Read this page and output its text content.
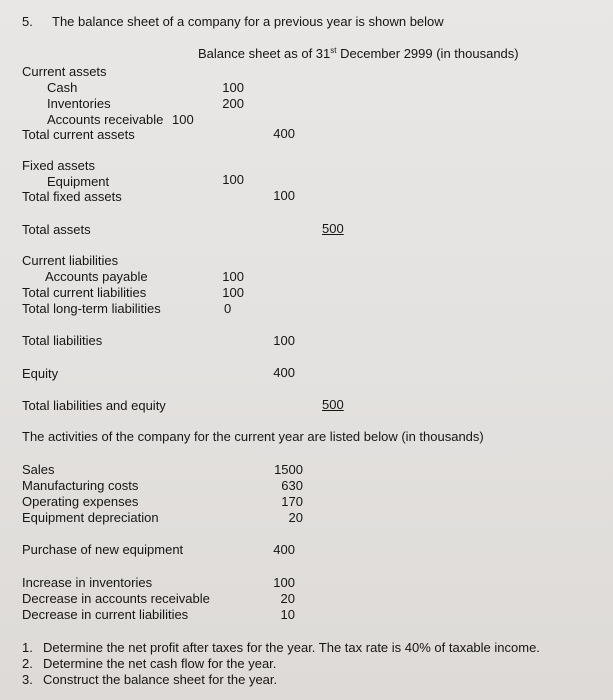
5. The balance sheet of a company for a previous year is shown below
Balance sheet as of 31st December 2999 (in thousands)
Current assets
Cash	100
Inventories	200
Accounts receivable 100
Total current assets	400
Fixed assets
Equipment	100
Total fixed assets	100
Total assets	500
Current liabilities
Accounts payable	100
Total current liabilities	100
Total long-term liabilities	0
Total liabilities	100
Equity	400
Total liabilities and equity	500
The activities of the company for the current year are listed below (in thousands)
Sales	1500
Manufacturing costs	630
Operating expenses	170
Equipment depreciation	20
Purchase of new equipment	400
Increase in inventories	100
Decrease in accounts receivable	20
Decrease in current liabilities	10
1. Determine the net profit after taxes for the year. The tax rate is 40% of taxable income.
2. Determine the net cash flow for the year.
3. Construct the balance sheet for the year.
